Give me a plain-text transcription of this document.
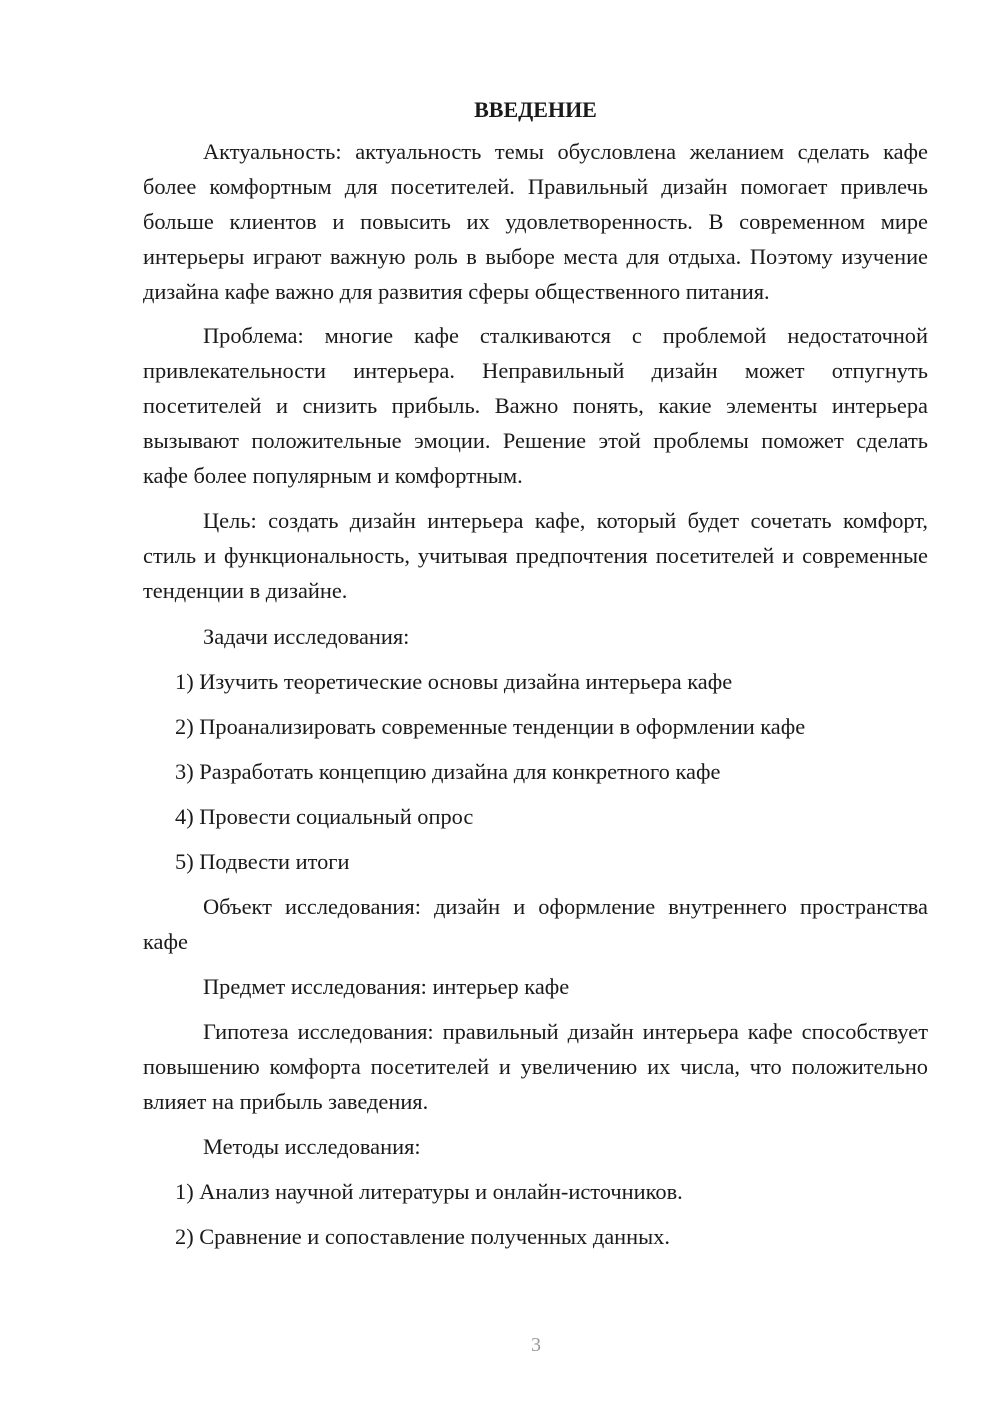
ВВЕДЕНИЕ

Актуальность: актуальность темы обусловлена желанием сделать кафе более комфортным для посетителей. Правильный дизайн помогает привлечь больше клиентов и повысить их удовлетворенность. В современном мире интерьеры играют важную роль в выборе места для отдыха. Поэтому изучение дизайна кафе важно для развития сферы общественного питания.

Проблема: многие кафе сталкиваются с проблемой недостаточной привлекательности интерьера. Неправильный дизайн может отпугнуть посетителей и снизить прибыль. Важно понять, какие элементы интерьера вызывают положительные эмоции. Решение этой проблемы поможет сделать кафе более популярным и комфортным.

Цель: создать дизайн интерьера кафе, который будет сочетать комфорт, стиль и функциональность, учитывая предпочтения посетителей и современные тенденции в дизайне.

Задачи исследования:

1) Изучить теоретические основы дизайна интерьера кафе
2) Проанализировать современные тенденции в оформлении кафе
3) Разработать концепцию дизайна для конкретного кафе
4) Провести социальный опрос
5) Подвести итоги

Объект исследования: дизайн и оформление внутреннего пространства кафе

Предмет исследования: интерьер кафе

Гипотеза исследования: правильный дизайн интерьера кафе способствует повышению комфорта посетителей и увеличению их числа, что положительно влияет на прибыль заведения.

Методы исследования:

1) Анализ научной литературы и онлайн-источников.
2) Сравнение и сопоставление полученных данных.
3
